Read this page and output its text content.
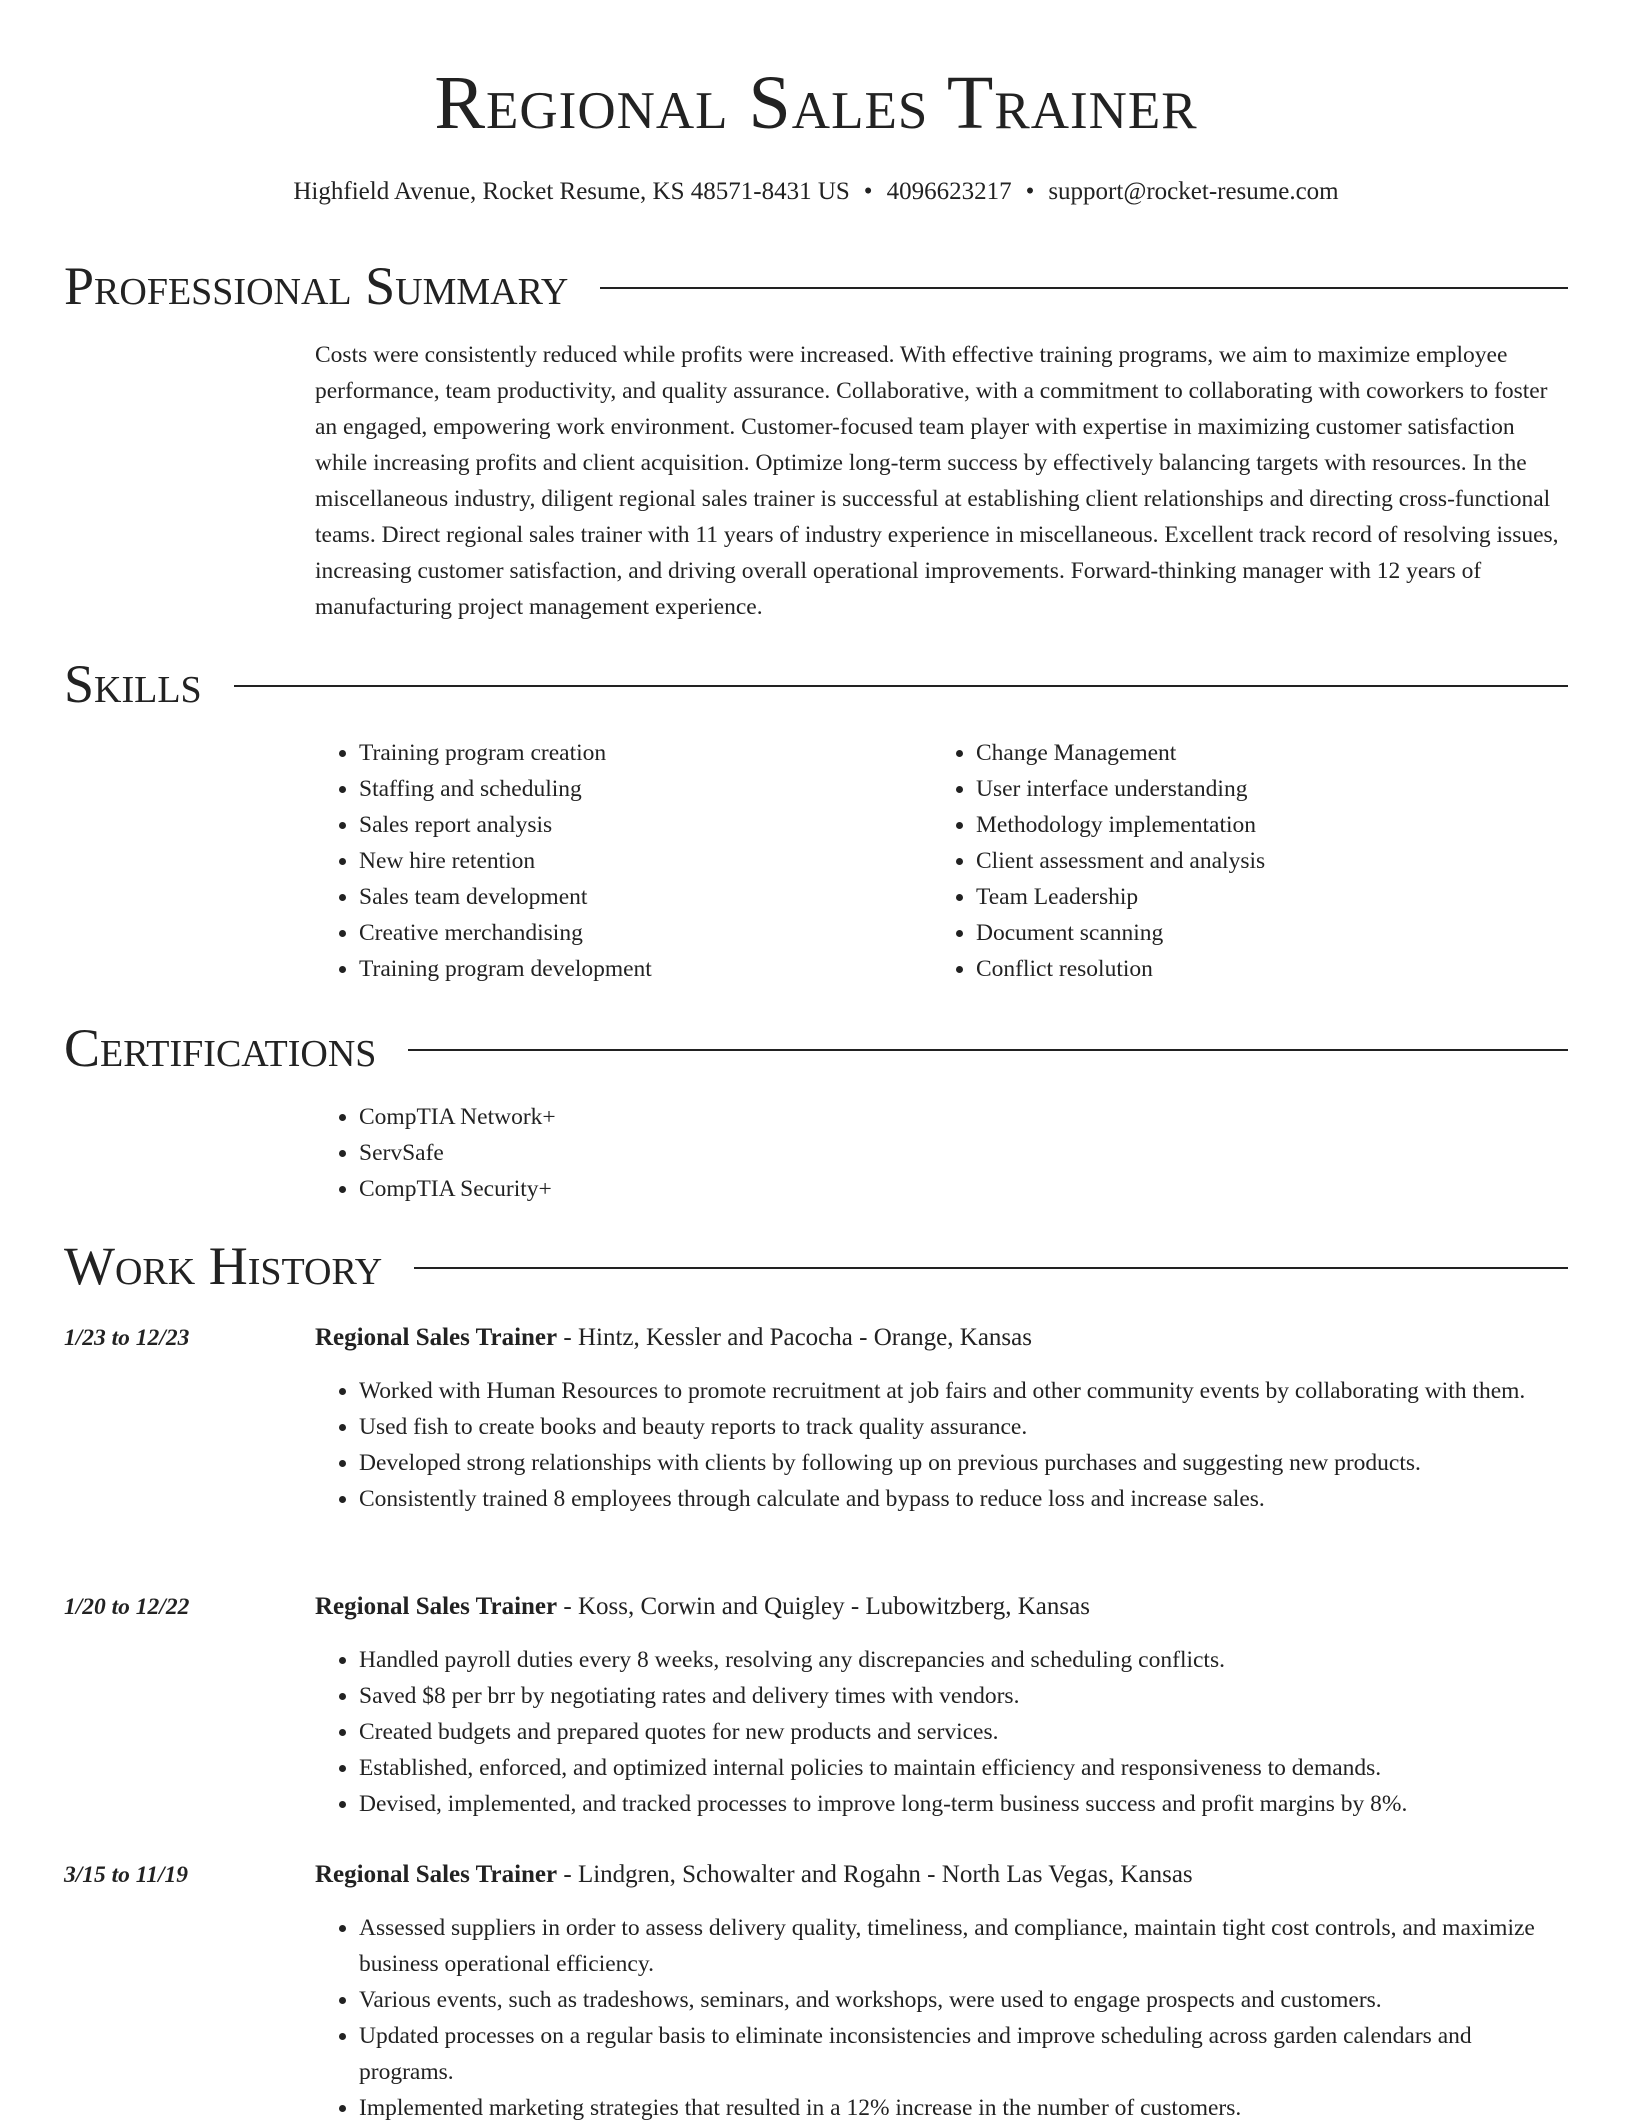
Regional Sales Trainer
Highfield Avenue, Rocket Resume, KS 48571-8431 US • 4096623217 • support@rocket-resume.com
Professional Summary
Costs were consistently reduced while profits were increased. With effective training programs, we aim to maximize employee performance, team productivity, and quality assurance. Collaborative, with a commitment to collaborating with coworkers to foster an engaged, empowering work environment. Customer-focused team player with expertise in maximizing customer satisfaction while increasing profits and client acquisition. Optimize long-term success by effectively balancing targets with resources. In the miscellaneous industry, diligent regional sales trainer is successful at establishing client relationships and directing cross-functional teams. Direct regional sales trainer with 11 years of industry experience in miscellaneous. Excellent track record of resolving issues, increasing customer satisfaction, and driving overall operational improvements. Forward-thinking manager with 12 years of manufacturing project management experience.
Skills
• Training program creation
• Staffing and scheduling
• Sales report analysis
• New hire retention
• Sales team development
• Creative merchandising
• Training program development
• Change Management
• User interface understanding
• Methodology implementation
• Client assessment and analysis
• Team Leadership
• Document scanning
• Conflict resolution
Certifications
• CompTIA Network+
• ServSafe
• CompTIA Security+
Work History
1/23 to 12/23	Regional Sales Trainer - Hintz, Kessler and Pacocha - Orange, Kansas
• Worked with Human Resources to promote recruitment at job fairs and other community events by collaborating with them.
• Used fish to create books and beauty reports to track quality assurance.
• Developed strong relationships with clients by following up on previous purchases and suggesting new products.
• Consistently trained 8 employees through calculate and bypass to reduce loss and increase sales.
1/20 to 12/22	Regional Sales Trainer - Koss, Corwin and Quigley - Lubowitzberg, Kansas
• Handled payroll duties every 8 weeks, resolving any discrepancies and scheduling conflicts.
• Saved $8 per brr by negotiating rates and delivery times with vendors.
• Created budgets and prepared quotes for new products and services.
• Established, enforced, and optimized internal policies to maintain efficiency and responsiveness to demands.
• Devised, implemented, and tracked processes to improve long-term business success and profit margins by 8%.
3/15 to 11/19	Regional Sales Trainer - Lindgren, Schowalter and Rogahn - North Las Vegas, Kansas
• Assessed suppliers in order to assess delivery quality, timeliness, and compliance, maintain tight cost controls, and maximize business operational efficiency.
• Various events, such as tradeshows, seminars, and workshops, were used to engage prospects and customers.
• Updated processes on a regular basis to eliminate inconsistencies and improve scheduling across garden calendars and programs.
• Implemented marketing strategies that resulted in a 12% increase in the number of customers.
